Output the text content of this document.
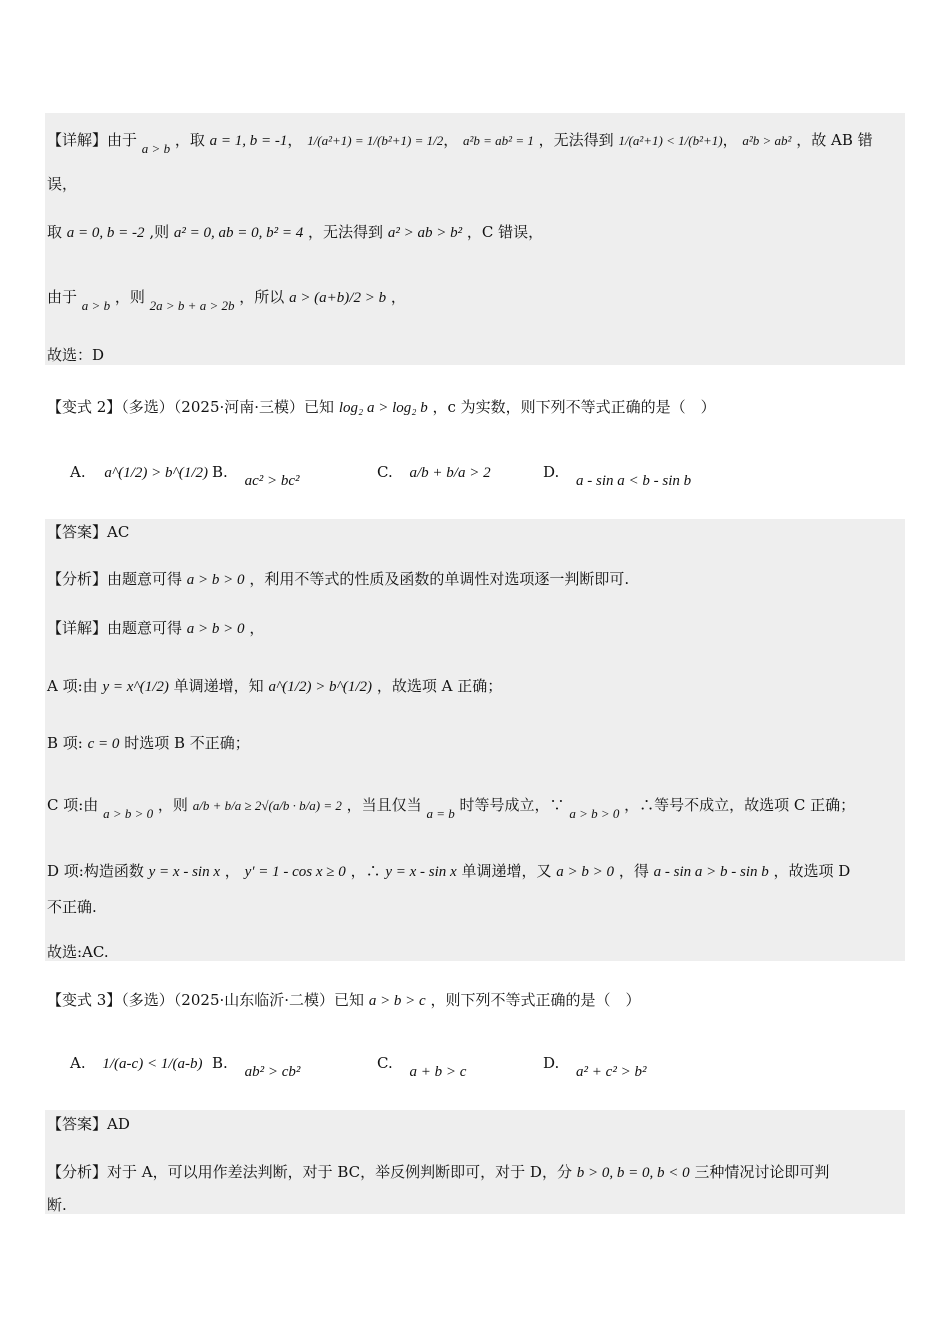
【详解】由于 a > b ，取 a = 1, b = -1， 1/(a²+1) = 1/(b²+1) = 1/2， a²b = ab² = 1 ，无法得到 1/(a²+1) < 1/(b²+1)， a²b > ab² ，故 AB 错
误，
取 a = 0, b = -2 ,则 a² = 0, ab = 0, b² = 4 ，无法得到 a² > ab > b² ，C 错误，
由于 a > b ，则 2a > b + a > 2b ，所以 a > (a+b)/2 > b ，
故选：D
【变式 2】（多选）（2025·河南·三模）已知 log₂ a > log₂ b ，c 为实数，则下列不等式正确的是（　）
A. a^(1/2) > b^(1/2) B. ac² > bc²	C. a/b + b/a > 2	D. a - sin a < b - sin b
【答案】AC
【分析】由题意可得 a > b > 0 ，利用不等式的性质及函数的单调性对选项逐一判断即可.
【详解】由题意可得 a > b > 0 ，
A 项:由 y = x^(1/2) 单调递增，知 a^(1/2) > b^(1/2) ，故选项 A 正确；
B 项: c = 0 时选项 B 不正确；
C 项:由 a > b > 0 ，则 a/b + b/a ≥ 2√(a/b · b/a) = 2 ，当且仅当 a = b 时等号成立，∵ a > b > 0 ，∴等号不成立，故选项 C 正确；
D 项:构造函数 y = x - sin x ， y′ = 1 - cos x ≥ 0 ，∴ y = x - sin x 单调递增，又 a > b > 0 ，得 a - sin a > b - sin b ，故选项 D
不正确.
故选:AC.
【变式 3】（多选）（2025·山东临沂·二模）已知 a > b > c ，则下列不等式正确的是（　）
A. 1/(a-c) < 1/(a-b) B. ab² > cb²	C. a + b > c	D. a² + c² > b²
【答案】AD
【分析】对于 A，可以用作差法判断，对于 BC，举反例判断即可，对于 D，分 b > 0, b = 0, b < 0 三种情况讨论即可判
断.
